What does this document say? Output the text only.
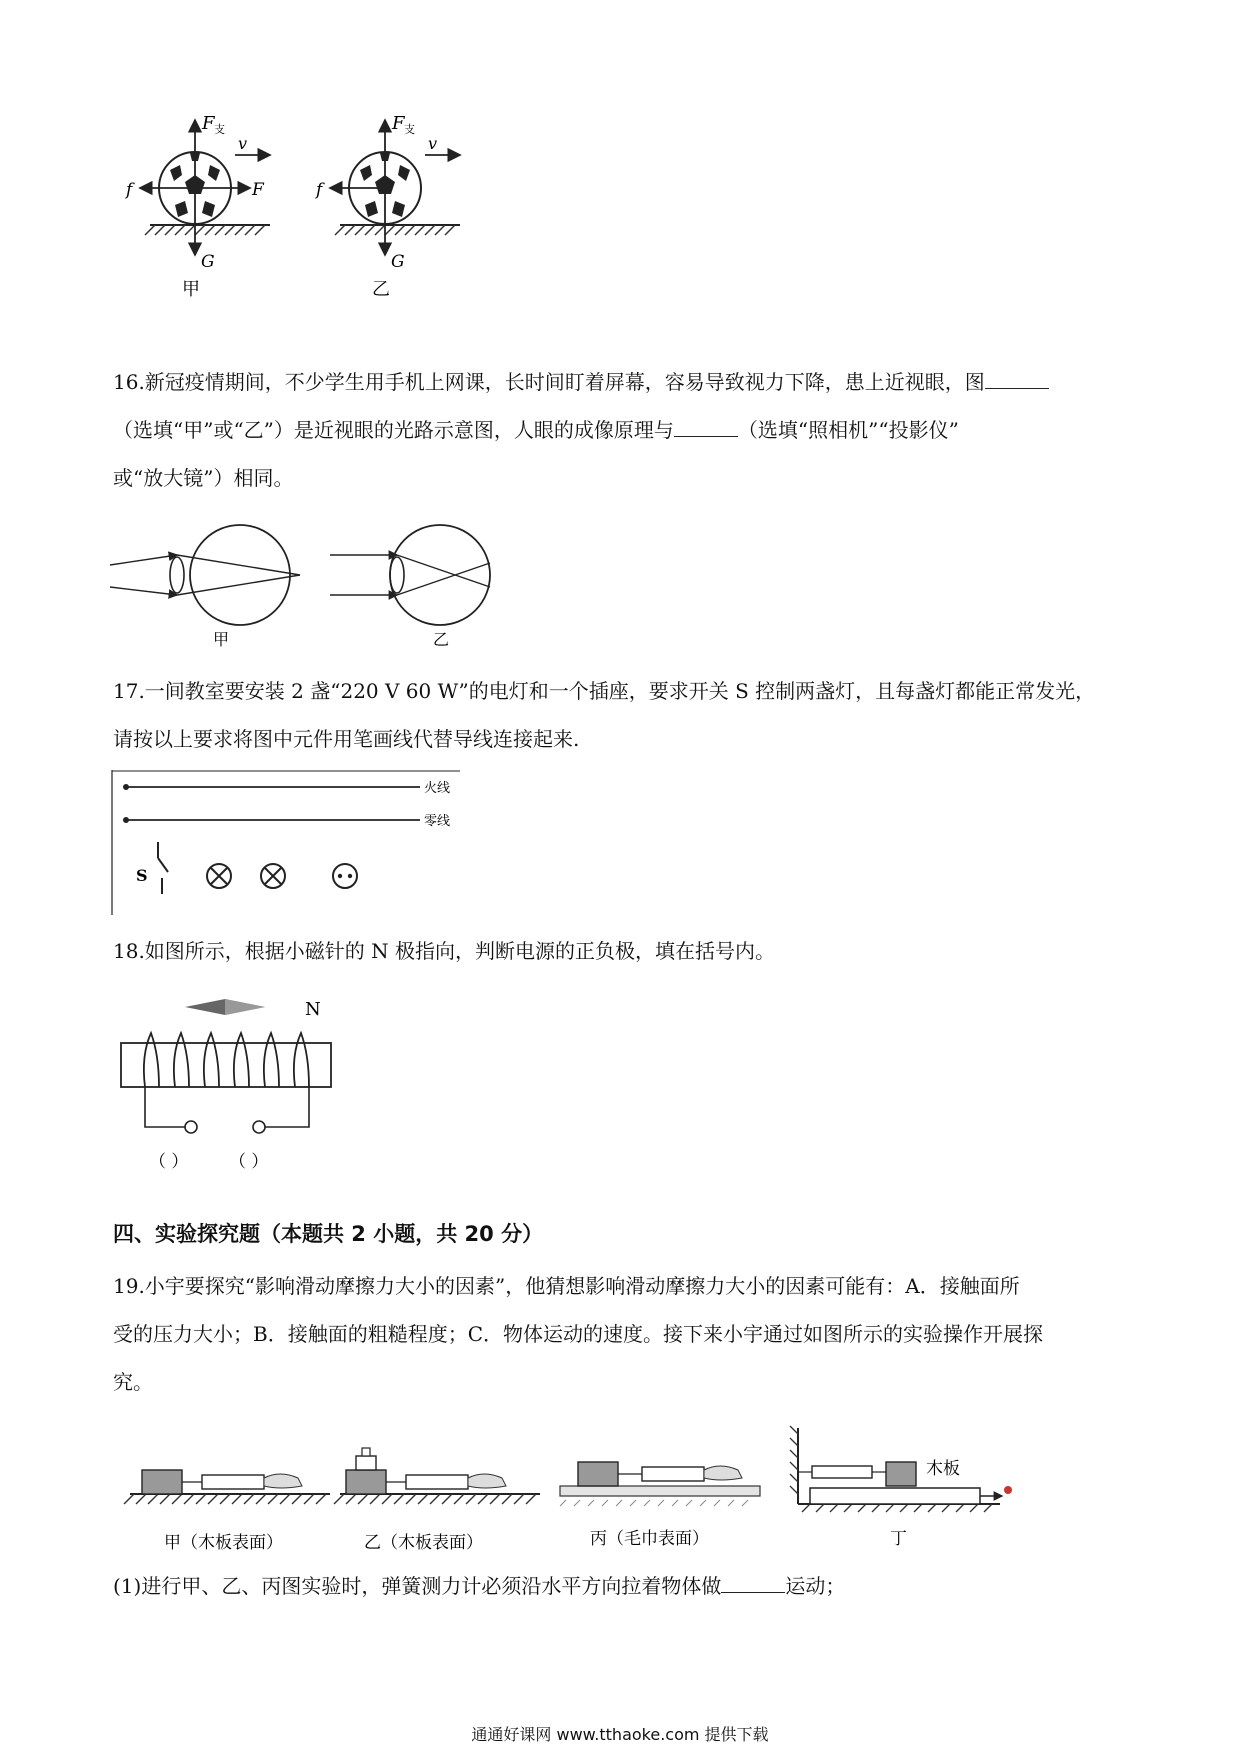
F 支
v
f	F
G
甲
F 支
v
f
G
乙
16.新冠疫情期间，不少学生用手机上网课，长时间盯着屏幕，容易导致视力下降，患上近视眼，图
（选填“甲”或“乙”）是近视眼的光路示意图，人眼的成像原理与	（选填“照相机”“投影仪”
或“放大镜”）相同。
甲	乙
17.一间教室要安装 2 盏“220 V 60 W”的电灯和一个插座，要求开关 S 控制两盏灯，且每盏灯都能正常发光，
请按以上要求将图中元件用笔画线代替导线连接起来.
火线
零线
S
18.如图所示，根据小磁针的 N 极指向，判断电源的正负极，填在括号内。
N
（ ） （ ）
四、实验探究题（本题共 2 小题，共 20 分）
19.小宇要探究“影响滑动摩擦力大小的因素”，他猜想影响滑动摩擦力大小的因素可能有：A．接触面所
受的压力大小；B．接触面的粗糙程度；C．物体运动的速度。接下来小宇通过如图所示的实验操作开展探
究。
甲（木板表面）	乙（木板表面）	丙（毛巾表面）
木板
丁
(1)进行甲、乙、丙图实验时，弹簧测力计必须沿水平方向拉着物体做	运动；
通通好课网 www.tthaoke.com 提供下载
